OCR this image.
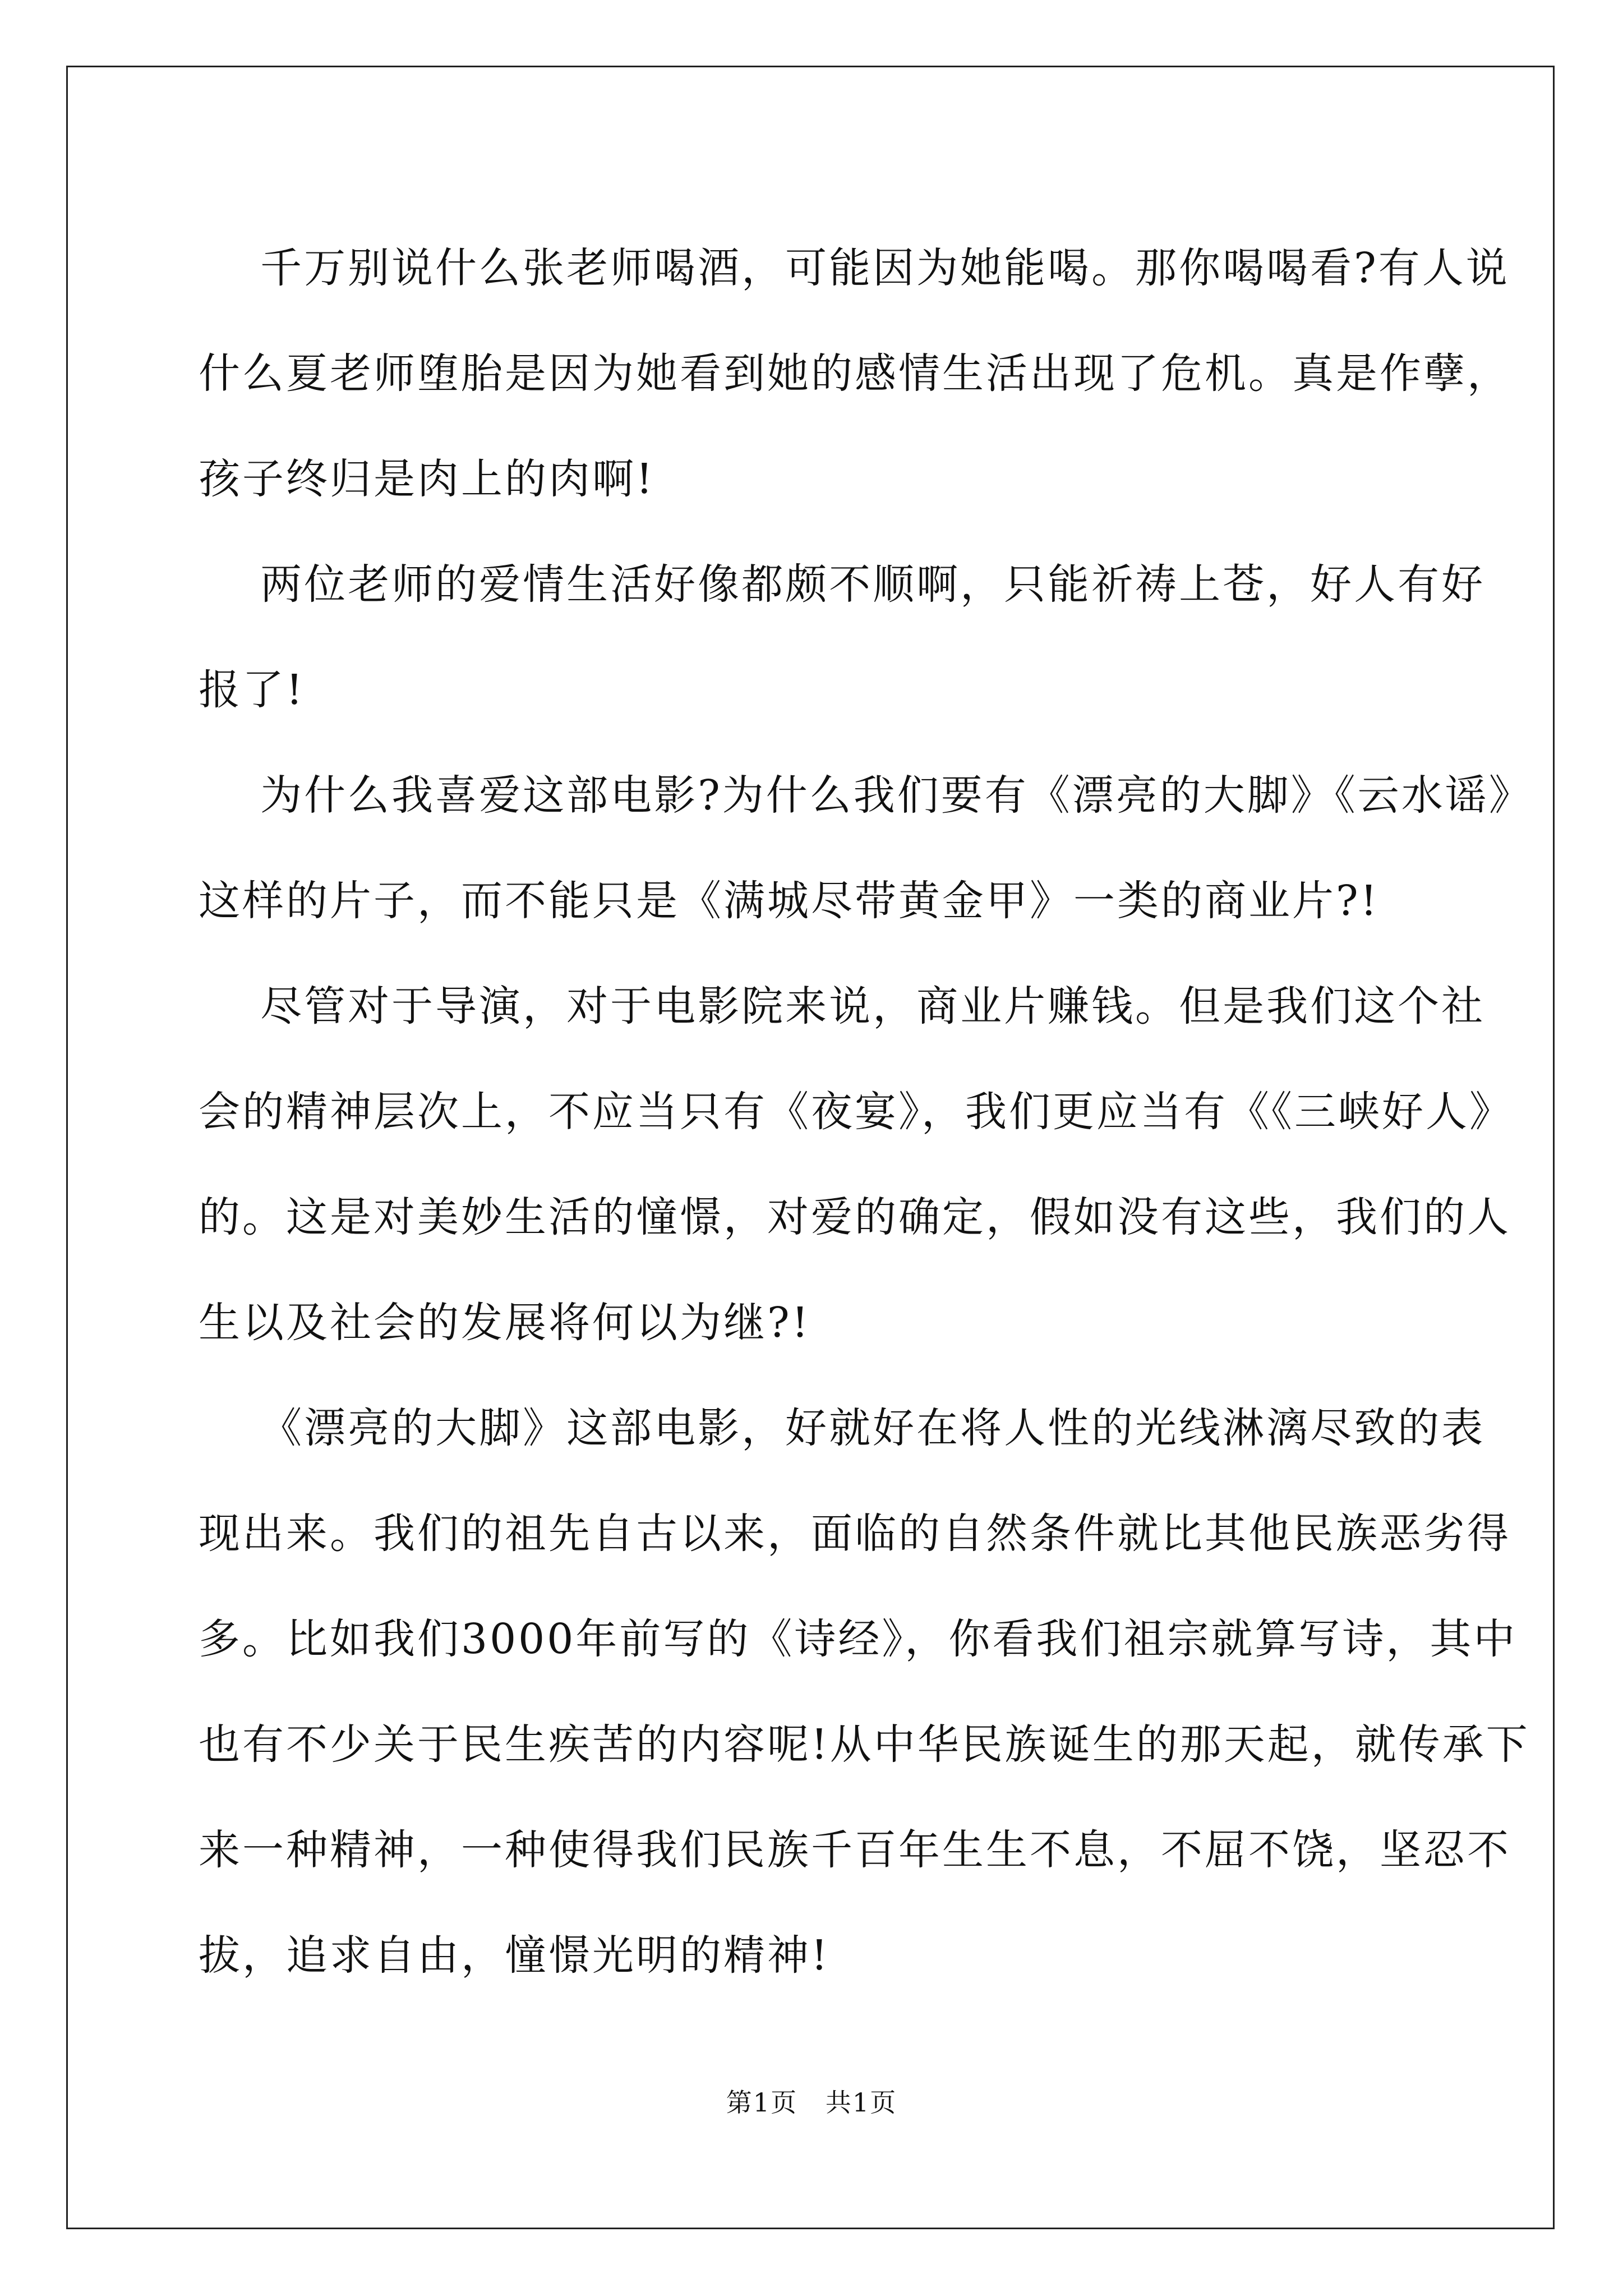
千万别说什么张老师喝酒，可能因为她能喝。那你喝喝看?有人说
什么夏老师堕胎是因为她看到她的感情生活出现了危机。真是作孽，
孩子终归是肉上的肉啊!
两位老师的爱情生活好像都颇不顺啊，只能祈祷上苍，好人有好
报了!
为什么我喜爱这部电影?为什么我们要有《漂亮的大脚》《云水谣》
这样的片子，而不能只是《满城尽带黄金甲》一类的商业片?!
尽管对于导演，对于电影院来说，商业片赚钱。但是我们这个社
会的精神层次上，不应当只有《夜宴》，我们更应当有《《三峡好人》
的。这是对美妙生活的憧憬，对爱的确定，假如没有这些，我们的人
生以及社会的发展将何以为继?!
《漂亮的大脚》这部电影，好就好在将人性的光线淋漓尽致的表
现出来。我们的祖先自古以来，面临的自然条件就比其他民族恶劣得
多。比如我们3000年前写的《诗经》，你看我们祖宗就算写诗，其中
也有不少关于民生疾苦的内容呢!从中华民族诞生的那天起，就传承下
来一种精神，一种使得我们民族千百年生生不息，不屈不饶，坚忍不
拔，追求自由，憧憬光明的精神!
第1页   共1页
